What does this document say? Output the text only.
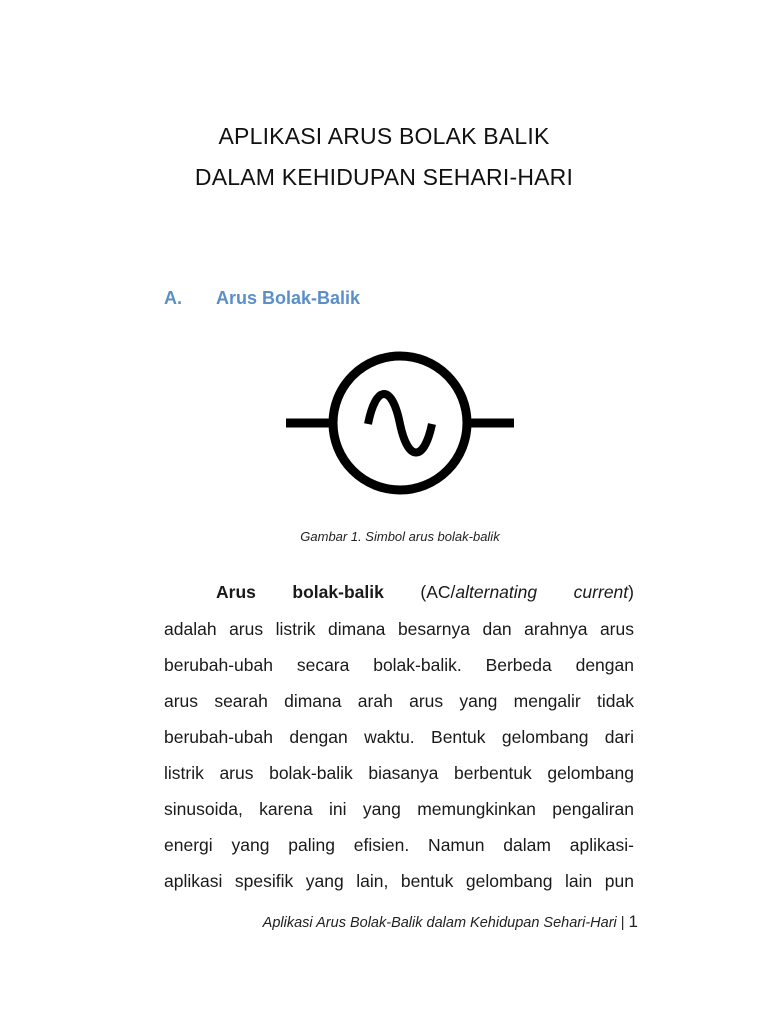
APLIKASI ARUS BOLAK BALIK
DALAM KEHIDUPAN SEHARI-HARI
A. Arus Bolak-Balik
Gambar 1. Simbol arus bolak-balik
Arus bolak-balik (AC/alternating current)
adalah arus listrik dimana besarnya dan arahnya arus
berubah-ubah secara bolak-balik. Berbeda dengan
arus searah dimana arah arus yang mengalir tidak
berubah-ubah dengan waktu. Bentuk gelombang dari
listrik arus bolak-balik biasanya berbentuk gelombang
sinusoida, karena ini yang memungkinkan pengaliran
energi yang paling efisien. Namun dalam aplikasi-
aplikasi spesifik yang lain, bentuk gelombang lain pun
Aplikasi Arus Bolak-Balik dalam Kehidupan Sehari-Hari | 1
